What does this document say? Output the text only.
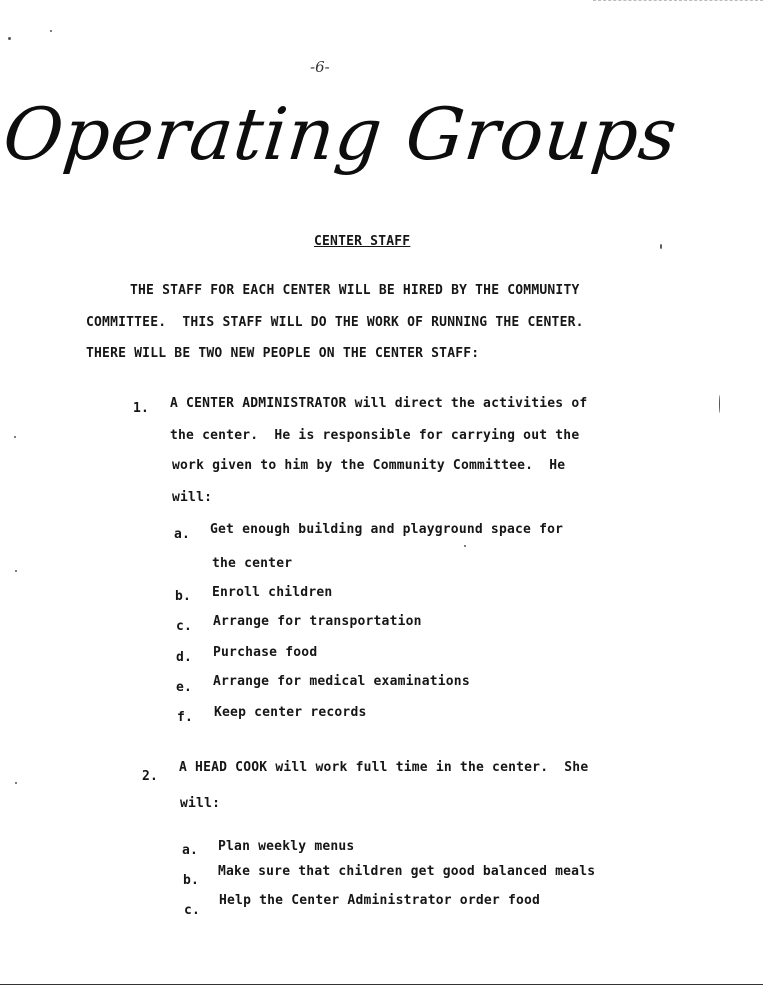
-6-
Operating Groups
CENTER STAFF
THE STAFF FOR EACH CENTER WILL BE HIRED BY THE COMMUNITY
COMMITTEE.  THIS STAFF WILL DO THE WORK OF RUNNING THE CENTER.
THERE WILL BE TWO NEW PEOPLE ON THE CENTER STAFF:
1. A CENTER ADMINISTRATOR will direct the activities of
the center.  He is responsible for carrying out the
work given to him by the Community Committee.  He
will:
a. Get enough building and playground space for
the center
b. Enroll children
c. Arrange for transportation
d. Purchase food
e. Arrange for medical examinations
f. Keep center records
2.
A HEAD COOK will work full time in the center.  She
will:
a. Plan weekly menus
b.
Make sure that children get good balanced meals
c.
Help the Center Administrator order food
